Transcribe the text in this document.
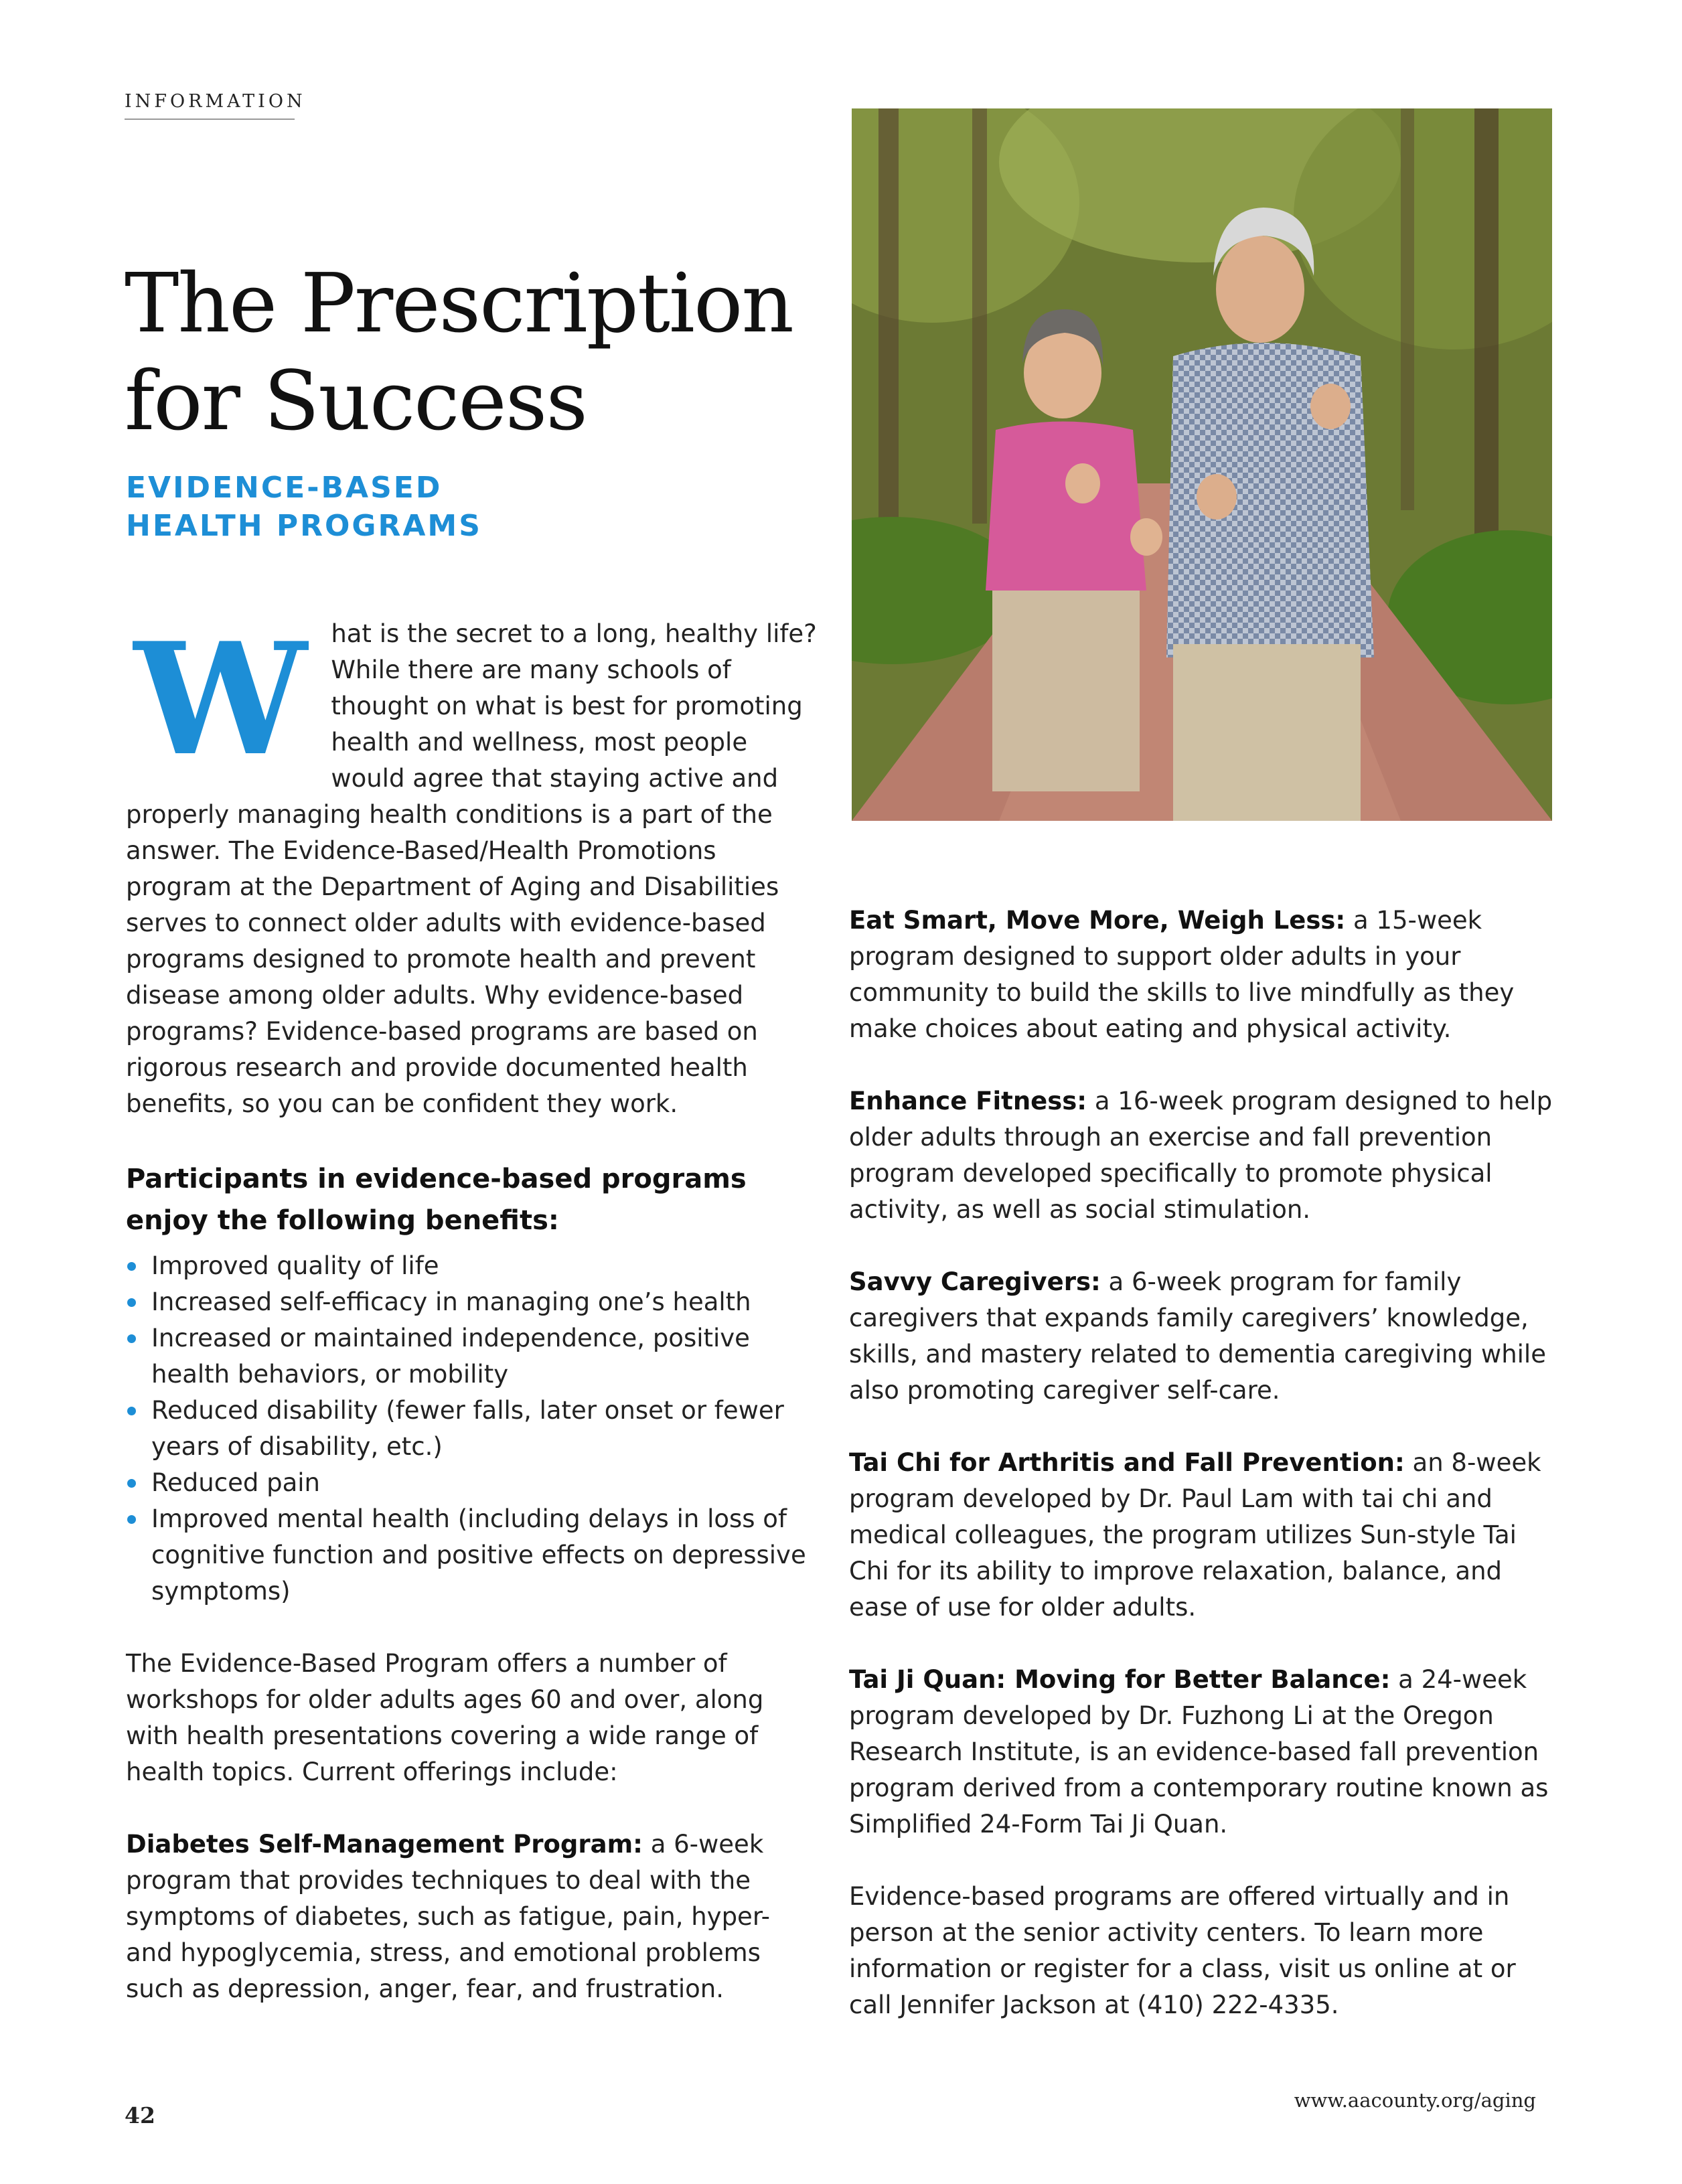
INFORMATION
The Prescription
for Success
EVIDENCE-BASED
HEALTH PROGRAMS

What is the secret to a long, healthy life? While there are many schools of thought on what is best for promoting health and wellness, most people would agree that staying active and properly managing health conditions is a part of the answer. The Evidence-Based/Health Promotions program at the Department of Aging and Disabilities serves to connect older adults with evidence-based programs designed to promote health and prevent disease among older adults. Why evidence-based programs? Evidence-based programs are based on rigorous research and provide documented health benefits, so you can be confident they work.

Participants in evidence-based programs enjoy the following benefits:
Improved quality of life
Increased self-efficacy in managing one’s health
Increased or maintained independence, positive health behaviors, or mobility
Reduced disability (fewer falls, later onset or fewer years of disability, etc.)
Reduced pain
Improved mental health (including delays in loss of cognitive function and positive effects on depressive symptoms)

The Evidence-Based Program offers a number of workshops for older adults ages 60 and over, along with health presentations covering a wide range of health topics. Current offerings include:

Diabetes Self-Management Program: a 6-week program that provides techniques to deal with the symptoms of diabetes, such as fatigue, pain, hyper- and hypoglycemia, stress, and emotional problems such as depression, anger, fear, and frustration.

Eat Smart, Move More, Weigh Less: a 15-week program designed to support older adults in your community to build the skills to live mindfully as they make choices about eating and physical activity.

Enhance Fitness: a 16-week program designed to help older adults through an exercise and fall prevention program developed specifically to promote physical activity, as well as social stimulation.

Savvy Caregivers: a 6-week program for family caregivers that expands family caregivers’ knowledge, skills, and mastery related to dementia caregiving while also promoting caregiver self-care.

Tai Chi for Arthritis and Fall Prevention: an 8-week program developed by Dr. Paul Lam with tai chi and medical colleagues, the program utilizes Sun-style Tai Chi for its ability to improve relaxation, balance, and ease of use for older adults.

Tai Ji Quan: Moving for Better Balance: a 24-week program developed by Dr. Fuzhong Li at the Oregon Research Institute, is an evidence-based fall prevention program derived from a contemporary routine known as Simplified 24-Form Tai Ji Quan.

Evidence-based programs are offered virtually and in person at the senior activity centers. To learn more information or register for a class, visit us online at or call Jennifer Jackson at (410) 222-4335.

42
www.aacounty.org/aging
